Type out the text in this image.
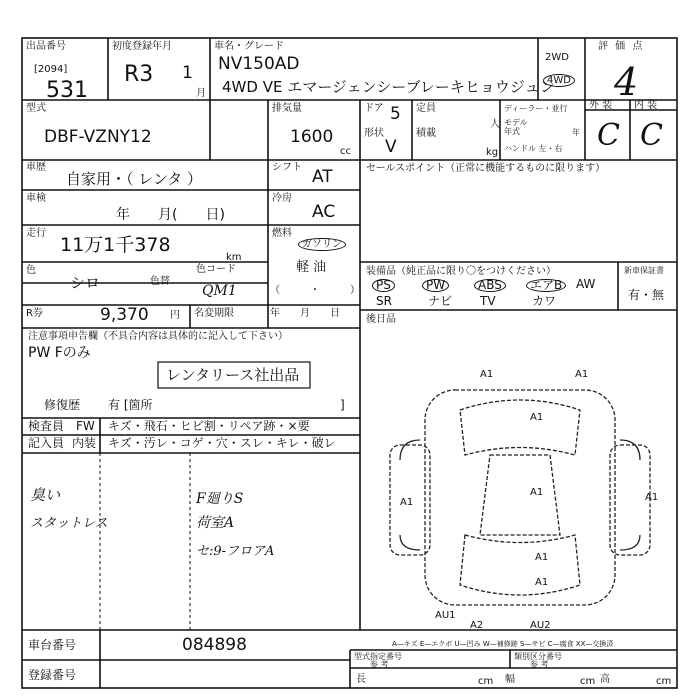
出品番号
[2094]
531
初度登録年月
R3 1
月
車名・グレード
NV150AD
4WD VE エマージェンシーブレーキヒョウジュン
2WD
4WD
評 価 点
4
型式
DBF-VZNY12
排気量
1600
cc
ドア 5
形状
V
定員
人
積載
kg
ディーラー・並行
モデル
年式	年
ハンドル 左・右
外 装 内 装
C C
車歴
自家用・（ レンタ ）
車検
年　　月(　　日)
走行
11万1千378
km
色
シロ	色替
色コード
QM1
R券	9,370 円 名変期限	年　　月　　日
シフト AT
冷房
AC
燃料
ガソリン
軽 油
（　　　・　　　）
セールスポイント（正常に機能するものに限ります）
装備品（純正品に限り〇をつけください）
PS	PW	ABS	エアB	AW
SR	ナビ	TV	カワ
新車保証書
有・無
後日品
注意事項申告欄（不具合内容は具体的に記入して下さい）
PW Fのみ
レンタリース社出品
修復歴 有 [箇所	]
検査員 FW キズ・飛石・ヒビ割・リペア跡・×要
記入員 内装 キズ・汚レ・コゲ・穴・スレ・キレ・破レ
臭い
スタットレス
F廻りS
荷室A
セ:9-フロアA
A1	A1
A1
A1
A1	A1
A1
A1
AU1
A2	AU2
車台番号	084898
登録番号
A—キズ E—エクボ U—凹み W—補修跡 S—サビ C—腐食 XX—交換済
型式指定番号
参 考
類別区分番号
参 考
長	cm 幅	cm 高	cm
